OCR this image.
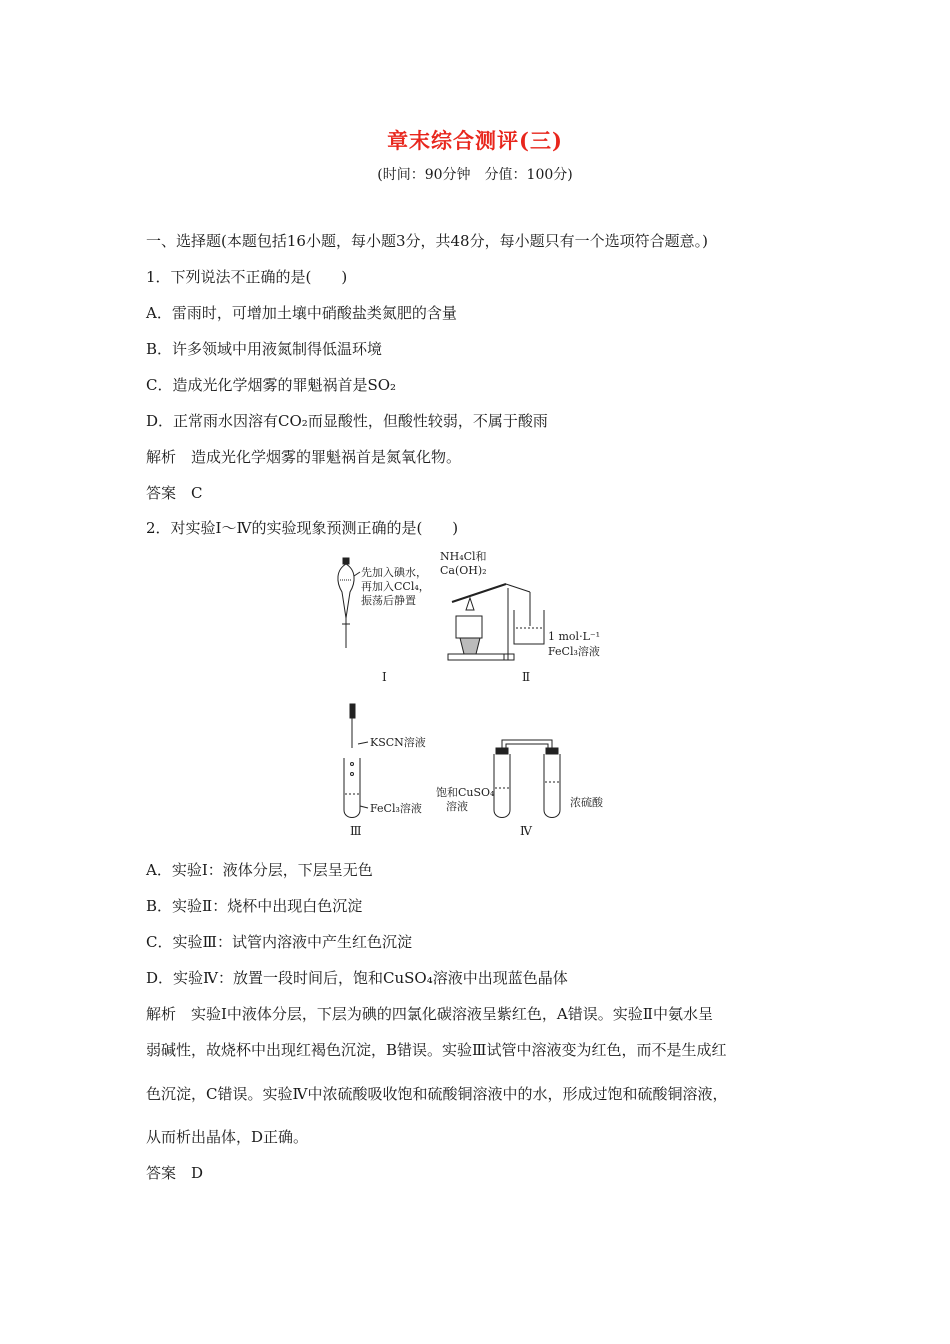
章末综合测评(三)
(时间：90分钟　分值：100分)
一、选择题(本题包括16小题，每小题3分，共48分，每小题只有一个选项符合题意。)
1．下列说法不正确的是(　　)
A．雷雨时，可增加土壤中硝酸盐类氮肥的含量
B．许多领域中用液氮制得低温环境
C．造成光化学烟雾的罪魁祸首是SO₂
D．正常雨水因溶有CO₂而显酸性，但酸性较弱，不属于酸雨
解析　造成光化学烟雾的罪魁祸首是氮氧化物。
答案　C
2．对实验Ⅰ～Ⅳ的实验现象预测正确的是(　　)
先加入碘水，
再加入CCl₄，
振荡后静置
NH₄Cl和
Ca(OH)₂
1 mol·L⁻¹
FeCl₃溶液
Ⅰ	Ⅱ
KSCN溶液
FeCl₃溶液
Ⅲ
饱和CuSO₄
溶液	浓硫酸
Ⅳ
A．实验Ⅰ：液体分层，下层呈无色
B．实验Ⅱ：烧杯中出现白色沉淀
C．实验Ⅲ：试管内溶液中产生红色沉淀
D．实验Ⅳ：放置一段时间后，饱和CuSO₄溶液中出现蓝色晶体
解析　实验Ⅰ中液体分层，下层为碘的四氯化碳溶液呈紫红色，A错误。实验Ⅱ中氨水呈
弱碱性，故烧杯中出现红褐色沉淀，B错误。实验Ⅲ试管中溶液变为红色，而不是生成红
色沉淀，C错误。实验Ⅳ中浓硫酸吸收饱和硫酸铜溶液中的水，形成过饱和硫酸铜溶液，
从而析出晶体，D正确。
答案　D
